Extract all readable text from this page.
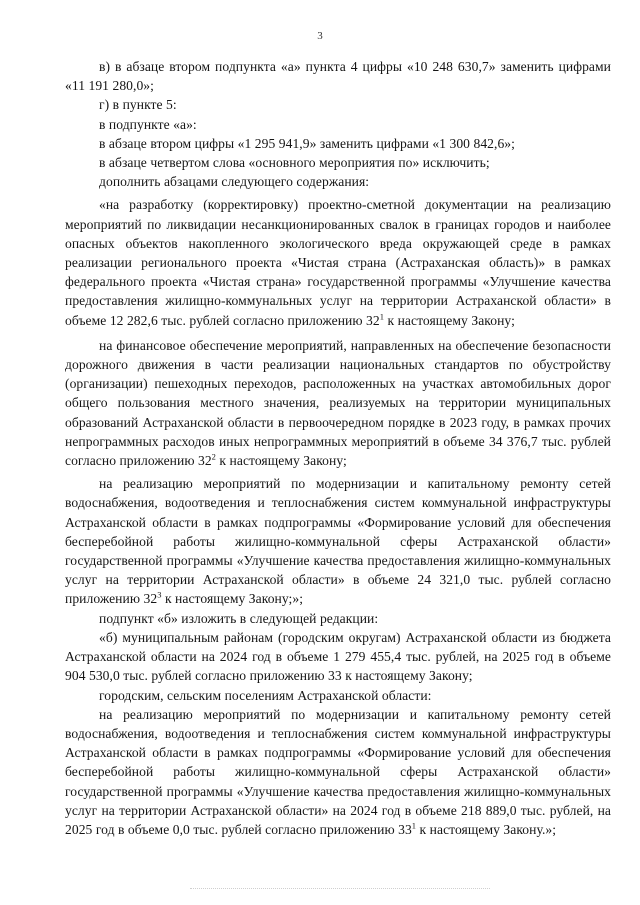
3

в) в абзаце втором подпункта «а» пункта 4 цифры «10 248 630,7» заменить цифрами «11 191 280,0»;

г) в пункте 5:

в подпункте «а»:

в абзаце втором цифры «1 295 941,9» заменить цифрами «1 300 842,6»;

в абзаце четвертом слова «основного мероприятия по» исключить;

дополнить абзацами следующего содержания:

«на разработку (корректировку) проектно-сметной документации на реализацию мероприятий по ликвидации несанкционированных свалок в границах городов и наиболее опасных объектов накопленного экологического вреда окружающей среде в рамках реализации регионального проекта «Чистая страна (Астраханская область)» в рамках федерального проекта «Чистая страна» государственной программы «Улучшение качества предоставления жилищно-коммунальных услуг на территории Астраханской области» в объеме 12 282,6 тыс. рублей согласно приложению $32^1$ к настоящему Закону;

на финансовое обеспечение мероприятий, направленных на обеспечение безопасности дорожного движения в части реализации национальных стандартов по обустройству (организации) пешеходных переходов, расположенных на участках автомобильных дорог общего пользования местного значения, реализуемых на территории муниципальных образований Астраханской области в первоочередном порядке в 2023 году, в рамках прочих непрограммных расходов иных непрограммных мероприятий в объеме 34 376,7 тыс. рублей согласно приложению $32^2$ к настоящему Закону;

на реализацию мероприятий по модернизации и капитальному ремонту сетей водоснабжения, водоотведения и теплоснабжения систем коммунальной инфраструктуры Астраханской области в рамках подпрограммы «Формирование условий для обеспечения бесперебойной работы жилищно-коммунальной сферы Астраханской области» государственной программы «Улучшение качества предоставления жилищно-коммунальных услуг на территории Астраханской области» в объеме 24 321,0 тыс. рублей согласно приложению $32^3$ к настоящему Закону;»;

подпункт «б» изложить в следующей редакции:

«б) муниципальным районам (городским округам) Астраханской области из бюджета Астраханской области на 2024 год в объеме 1 279 455,4 тыс. рублей, на 2025 год в объеме 904 530,0 тыс. рублей согласно приложению 33 к настоящему Закону;

городским, сельским поселениям Астраханской области:

на реализацию мероприятий по модернизации и капитальному ремонту сетей водоснабжения, водоотведения и теплоснабжения систем коммунальной инфраструктуры Астраханской области в рамках подпрограммы «Формирование условий для обеспечения бесперебойной работы жилищно-коммунальной сферы Астраханской области» государственной программы «Улучшение качества предоставления жилищно-коммунальных услуг на территории Астраханской области» на 2024 год в объеме 218 889,0 тыс. рублей, на 2025 год в объеме 0,0 тыс. рублей согласно приложению $33^1$ к настоящему Закону.»;
